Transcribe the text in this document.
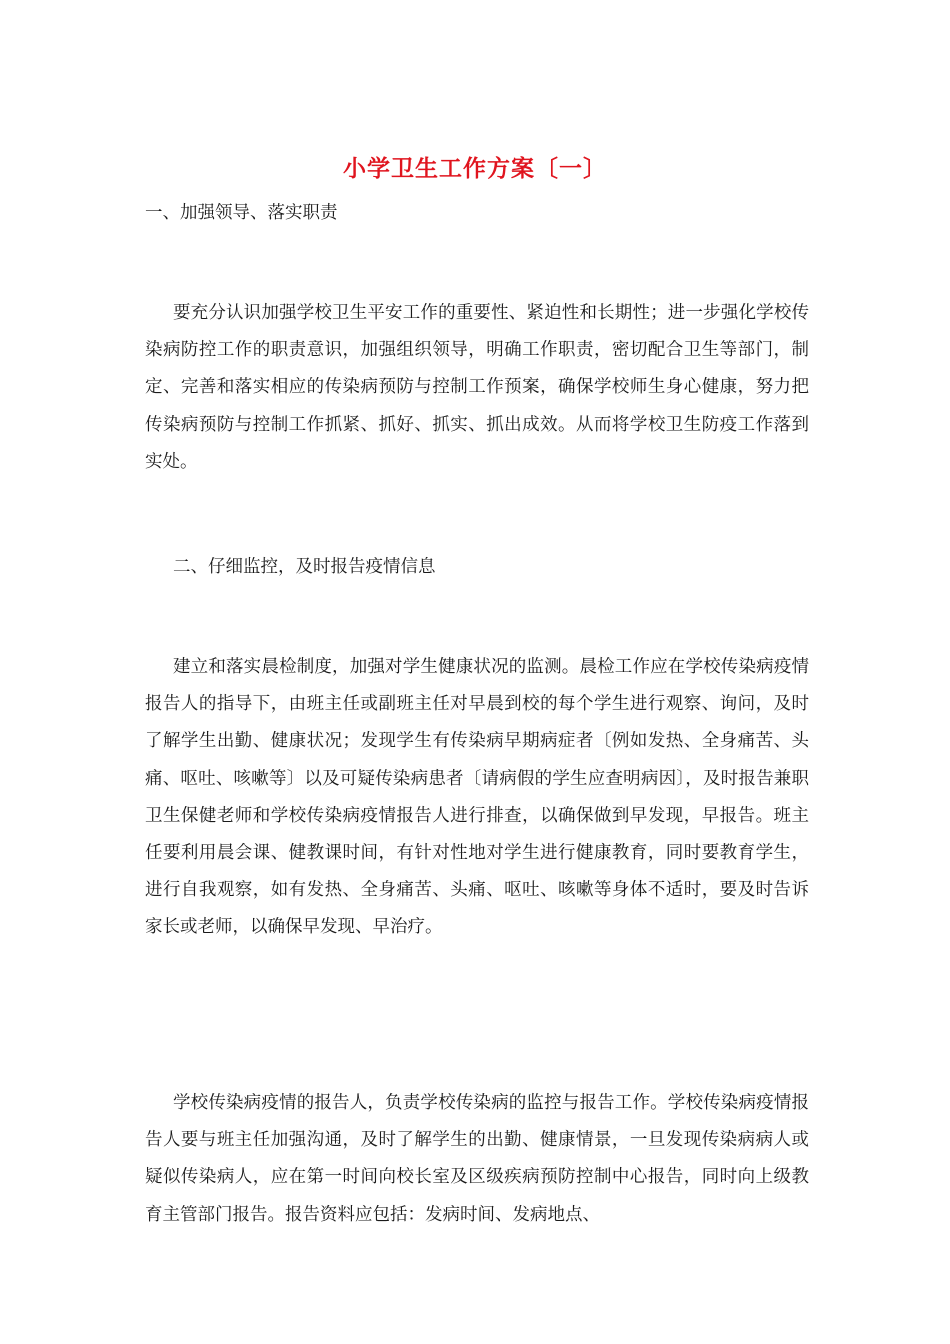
小学卫生工作方案〔一〕
一、加强领导、落实职责

要充分认识加强学校卫生平安工作的重要性、紧迫性和长期性；进一步强化学校传染病防控工作的职责意识，加强组织领导，明确工作职责，密切配合卫生等部门，制定、完善和落实相应的传染病预防与控制工作预案，确保学校师生身心健康，努力把传染病预防与控制工作抓紧、抓好、抓实、抓出成效。从而将学校卫生防疫工作落到实处。

二、仔细监控，及时报告疫情信息

建立和落实晨检制度，加强对学生健康状况的监测。晨检工作应在学校传染病疫情报告人的指导下，由班主任或副班主任对早晨到校的每个学生进行观察、询问，及时了解学生出勤、健康状况；发现学生有传染病早期病症者〔例如发热、全身痛苦、头痛、呕吐、咳嗽等〕以及可疑传染病患者〔请病假的学生应查明病因〕，及时报告兼职卫生保健老师和学校传染病疫情报告人进行排查，以确保做到早发现，早报告。班主任要利用晨会课、健教课时间，有针对性地对学生进行健康教育，同时要教育学生，进行自我观察，如有发热、全身痛苦、头痛、呕吐、咳嗽等身体不适时，要及时告诉家长或老师，以确保早发现、早治疗。

学校传染病疫情的报告人，负责学校传染病的监控与报告工作。学校传染病疫情报告人要与班主任加强沟通，及时了解学生的出勤、健康情景，一旦发现传染病病人或疑似传染病人，应在第一时间向校长室及区级疾病预防控制中心报告，同时向上级教育主管部门报告。报告资料应包括：发病时间、发病地点、
